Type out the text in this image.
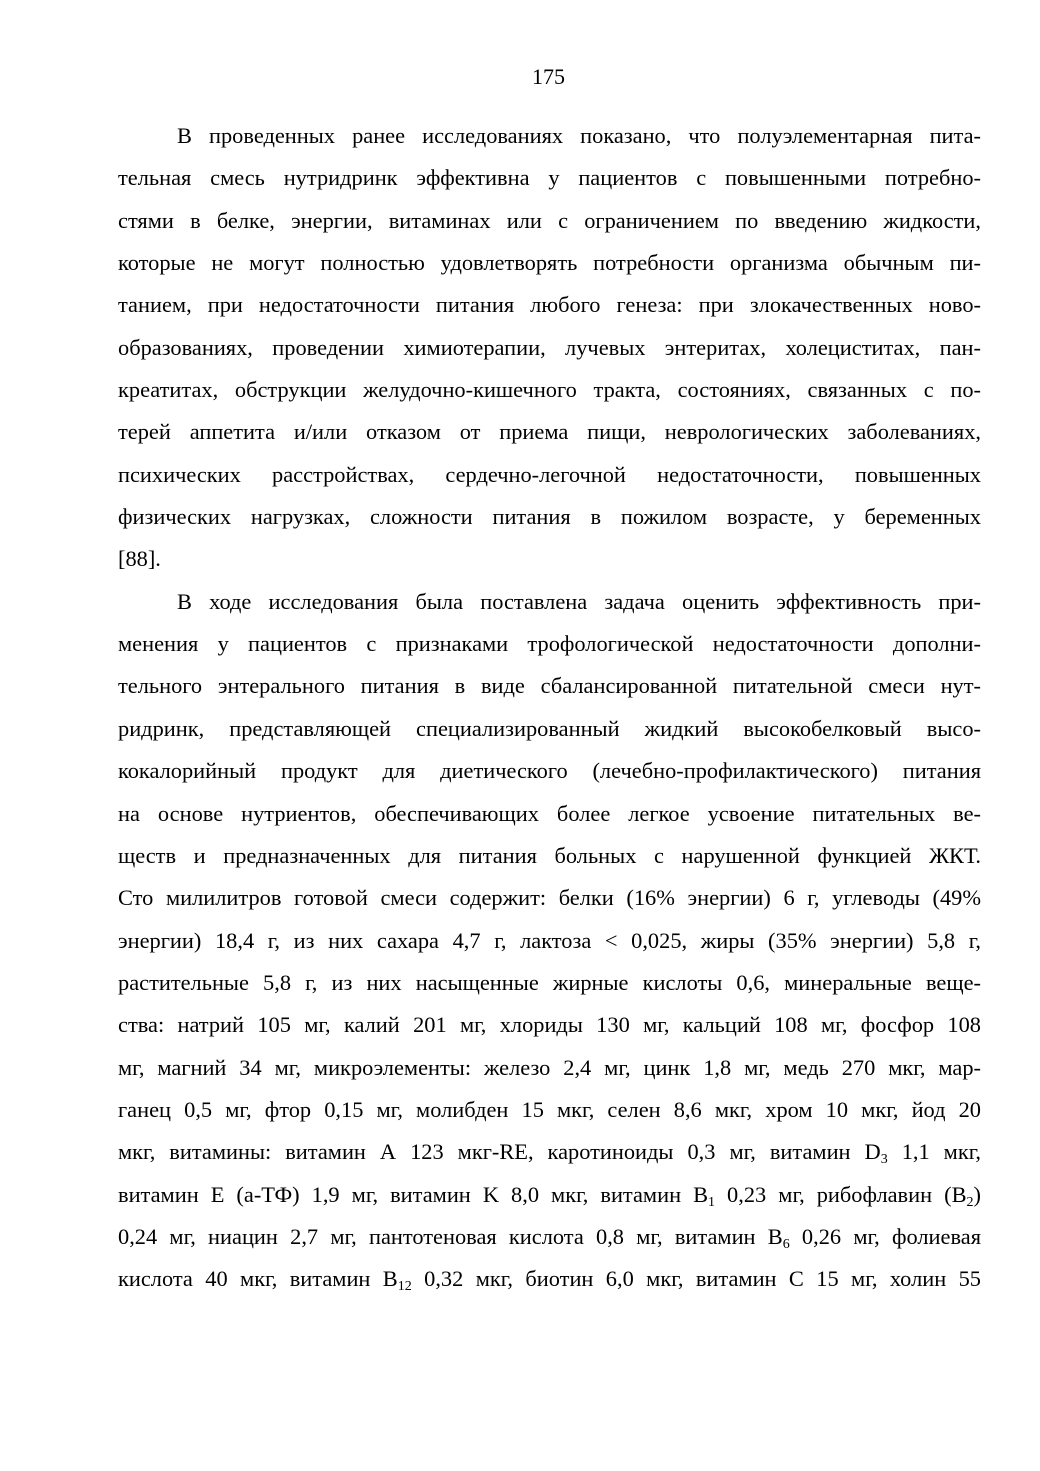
175

В проведенных ранее исследованиях показано, что полуэлементарная пита-
тельная смесь нутридринк эффективна у пациентов с повышенными потребно-
стями в белке, энергии, витаминах или с ограничением по введению жидкости,
которые не могут полностью удовлетворять потребности организма обычным пи-
танием, при недостаточности питания любого генеза: при злокачественных ново-
образованиях, проведении химиотерапии, лучевых энтеритах, холециститах, пан-
креатитах, обструкции желудочно-кишечного тракта, состояниях, связанных с по-
терей аппетита и/или отказом от приема пищи, неврологических заболеваниях,
психических расстройствах, сердечно-легочной недостаточности, повышенных
физических нагрузках, сложности питания в пожилом возрасте, у беременных
[88].

В ходе исследования была поставлена задача оценить эффективность при-
менения у пациентов с признаками трофологической недостаточности дополни-
тельного энтерального питания в виде сбалансированной питательной смеси нут-
ридринк, представляющей специализированный жидкий высокобелковый высо-
кокалорийный продукт для диетического (лечебно-профилактического) питания
на основе нутриентов, обеспечивающих более легкое усвоение питательных ве-
ществ и предназначенных для питания больных с нарушенной функцией ЖКТ.
Сто милилитров готовой смеси содержит: белки (16% энергии) 6 г, углеводы (49%
энергии) 18,4 г, из них сахара 4,7 г, лактоза < 0,025, жиры (35% энергии) 5,8 г,
растительные 5,8 г, из них насыщенные жирные кислоты 0,6, минеральные веще-
ства: натрий 105 мг, калий 201 мг, хлориды 130 мг, кальций 108 мг, фосфор 108
мг, магний 34 мг, микроэлементы: железо 2,4 мг, цинк 1,8 мг, медь 270 мкг, мар-
ганец 0,5 мг, фтор 0,15 мг, молибден 15 мкг, селен 8,6 мкг, хром 10 мкг, йод 20
мкг, витамины: витамин А 123 мкг-RE, каротиноиды 0,3 мг, витамин $D_3$ 1,1 мкг,
витамин Е (а-ТФ) 1,9 мг, витамин K 8,0 мкг, витамин $В_1$ 0,23 мг, рибофлавин $(В_2)$
0,24 мг, ниацин 2,7 мг, пантотеновая кислота 0,8 мг, витамин $В_6$ 0,26 мг, фолиевая
кислота 40 мкг, витамин $В_{12}$ 0,32 мкг, биотин 6,0 мкг, витамин С 15 мг, холин 55
